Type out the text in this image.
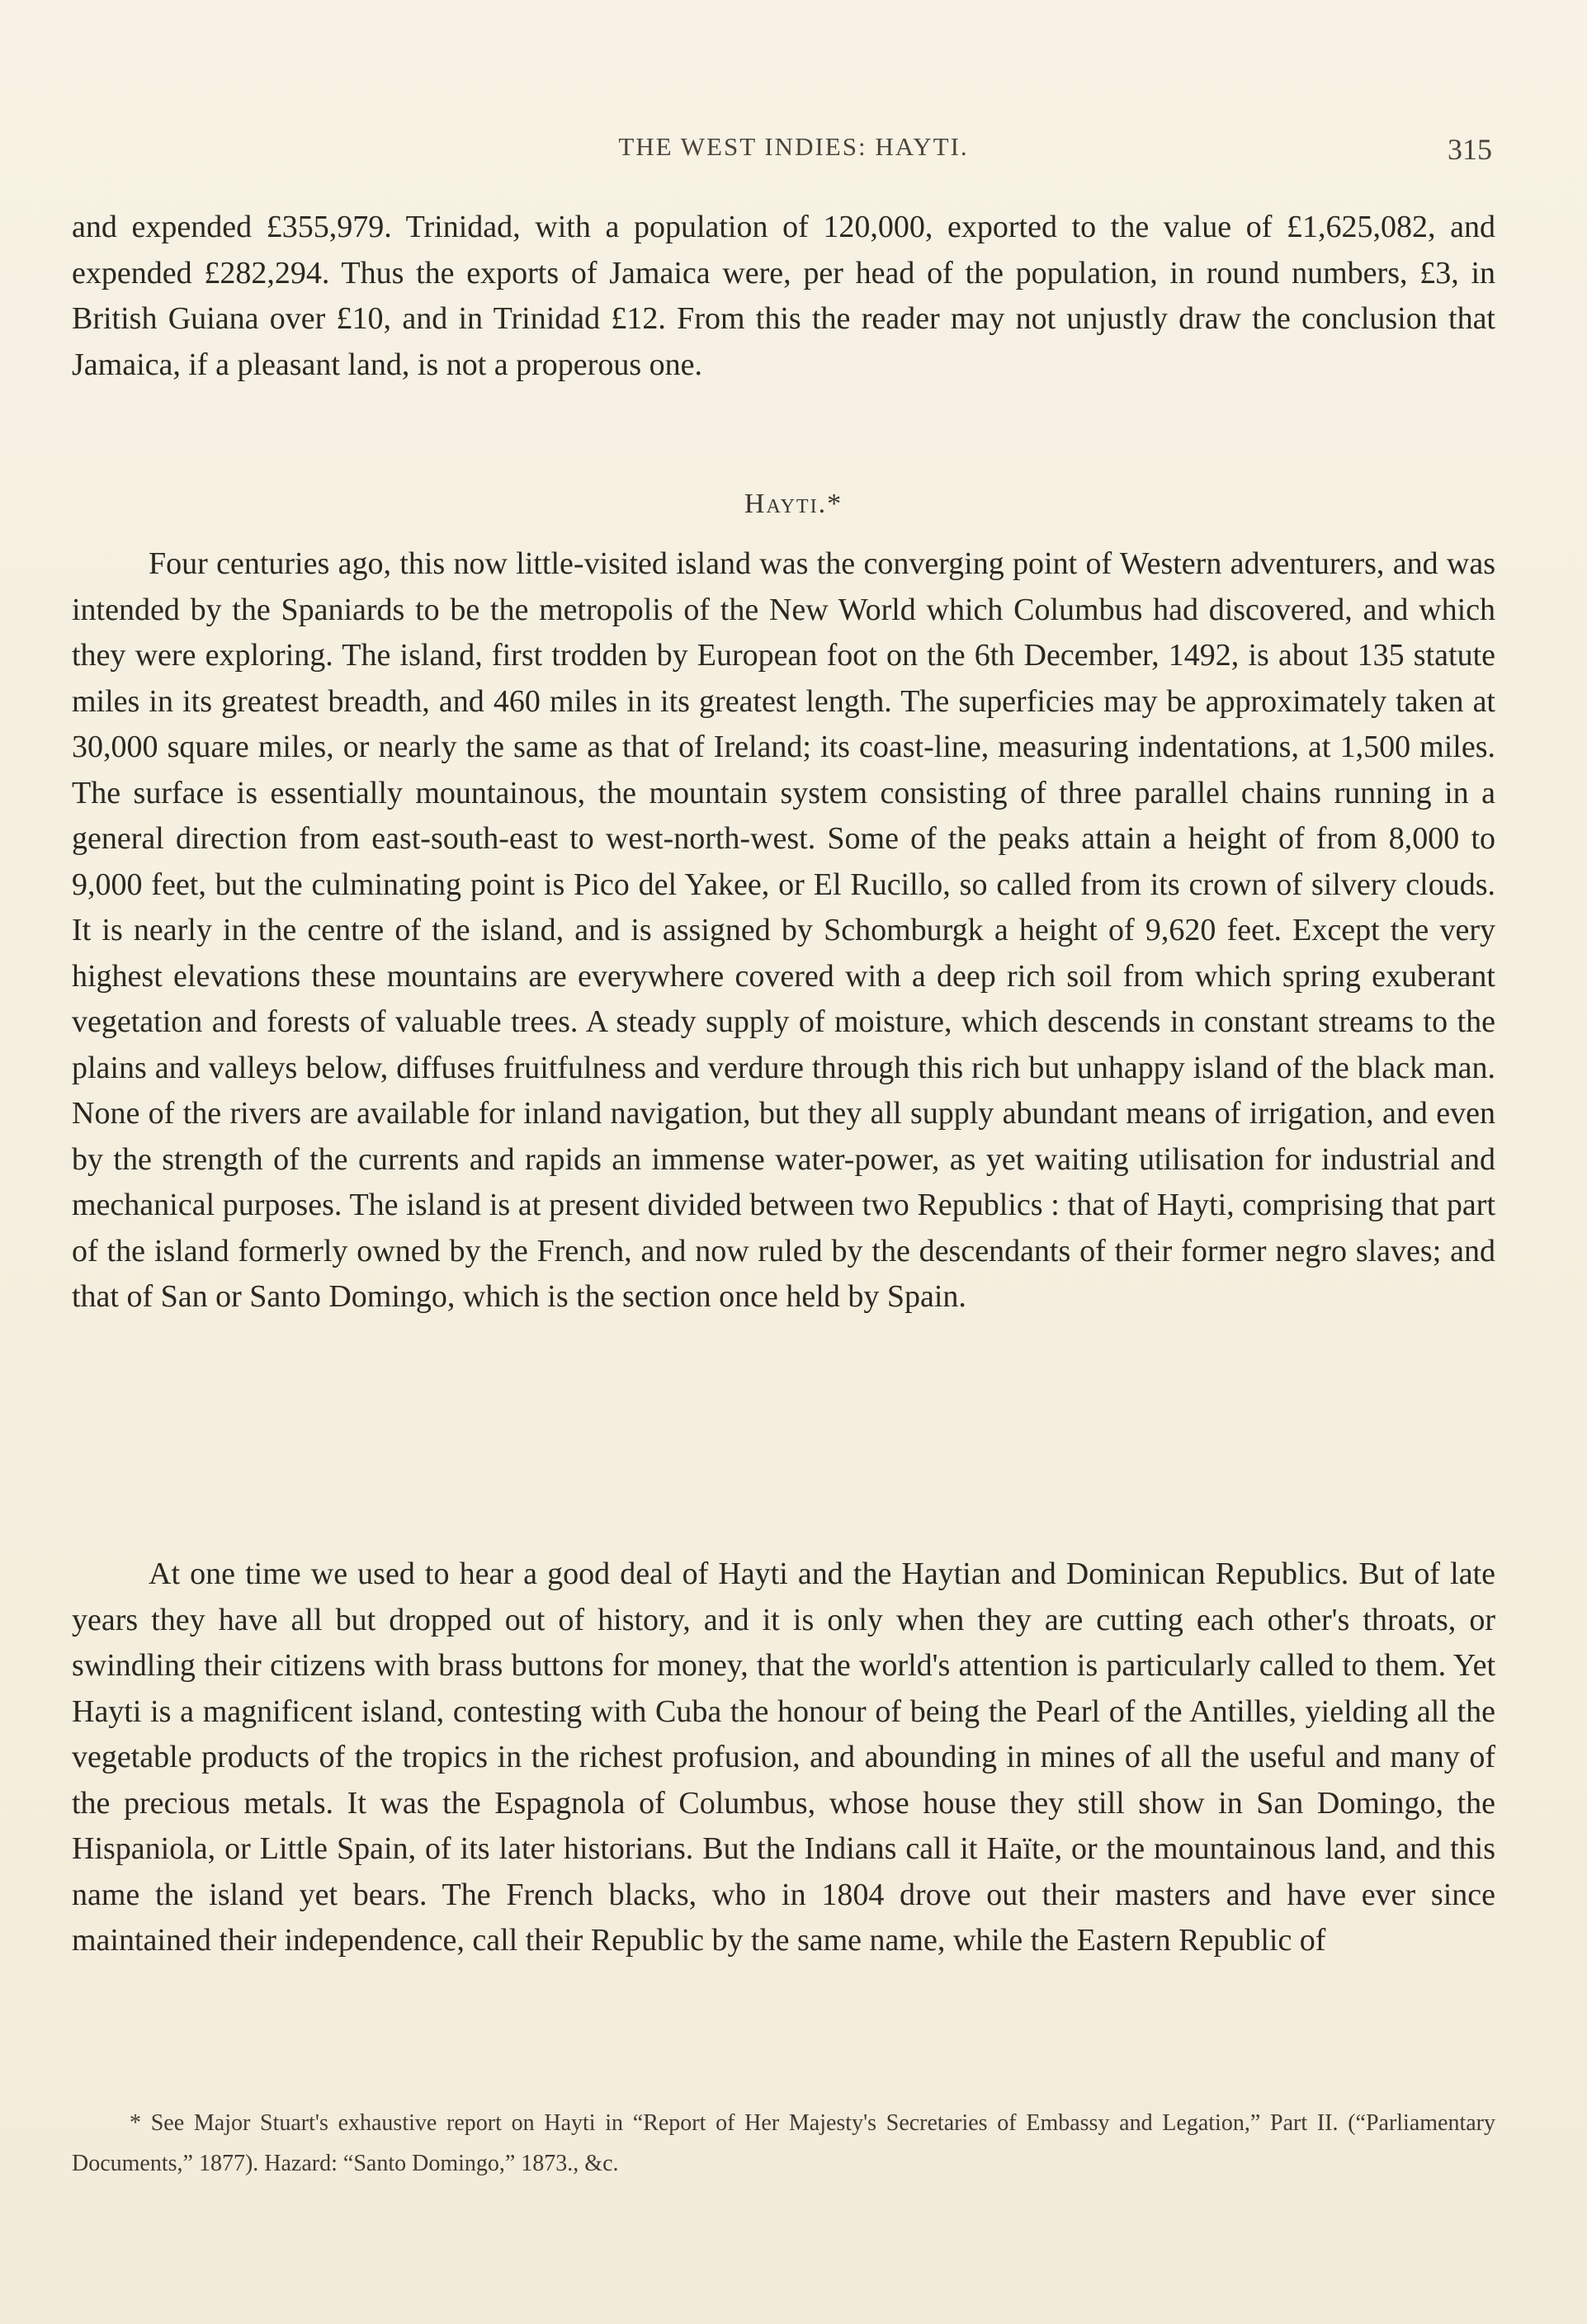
THE WEST INDIES: HAYTI.	315

and expended £355,979. Trinidad, with a population of 120,000, exported to the value of £1,625,082, and expended £282,294. Thus the exports of Jamaica were, per head of the population, in round numbers, £3, in British Guiana over £10, and in Trinidad £12. From this the reader may not unjustly draw the conclusion that Jamaica, if a pleasant land, is not a properous one.

Hayti.*

Four centuries ago, this now little-visited island was the converging point of Western adventurers, and was intended by the Spaniards to be the metropolis of the New World which Columbus had discovered, and which they were exploring. The island, first trodden by European foot on the 6th December, 1492, is about 135 statute miles in its greatest breadth, and 460 miles in its greatest length. The superficies may be approximately taken at 30,000 square miles, or nearly the same as that of Ireland; its coast-line, measuring indentations, at 1,500 miles. The surface is essentially mountainous, the mountain system consisting of three parallel chains running in a general direction from east-south-east to west-north-west. Some of the peaks attain a height of from 8,000 to 9,000 feet, but the culminating point is Pico del Yakee, or El Rucillo, so called from its crown of silvery clouds. It is nearly in the centre of the island, and is assigned by Schomburgk a height of 9,620 feet. Except the very highest elevations these mountains are everywhere covered with a deep rich soil from which spring exuberant vegetation and forests of valuable trees. A steady supply of moisture, which descends in constant streams to the plains and valleys below, diffuses fruitfulness and verdure through this rich but unhappy island of the black man. None of the rivers are available for inland navigation, but they all supply abundant means of irrigation, and even by the strength of the currents and rapids an immense water-power, as yet waiting utilisation for industrial and mechanical purposes. The island is at present divided between two Republics : that of Hayti, comprising that part of the island formerly owned by the French, and now ruled by the descendants of their former negro slaves; and that of San or Santo Domingo, which is the section once held by Spain.

At one time we used to hear a good deal of Hayti and the Haytian and Dominican Republics. But of late years they have all but dropped out of history, and it is only when they are cutting each other's throats, or swindling their citizens with brass buttons for money, that the world's attention is particularly called to them. Yet Hayti is a magnificent island, contesting with Cuba the honour of being the Pearl of the Antilles, yielding all the vegetable products of the tropics in the richest profusion, and abounding in mines of all the useful and many of the precious metals. It was the Espagnola of Columbus, whose house they still show in San Domingo, the Hispaniola, or Little Spain, of its later historians. But the Indians call it Haïte, or the mountainous land, and this name the island yet bears. The French blacks, who in 1804 drove out their masters and have ever since maintained their independence, call their Republic by the same name, while the Eastern Republic of

* See Major Stuart's exhaustive report on Hayti in “Report of Her Majesty's Secretaries of Embassy and Legation,” Part II. (“Parliamentary Documents,” 1877). Hazard: “Santo Domingo,” 1873., &c.
